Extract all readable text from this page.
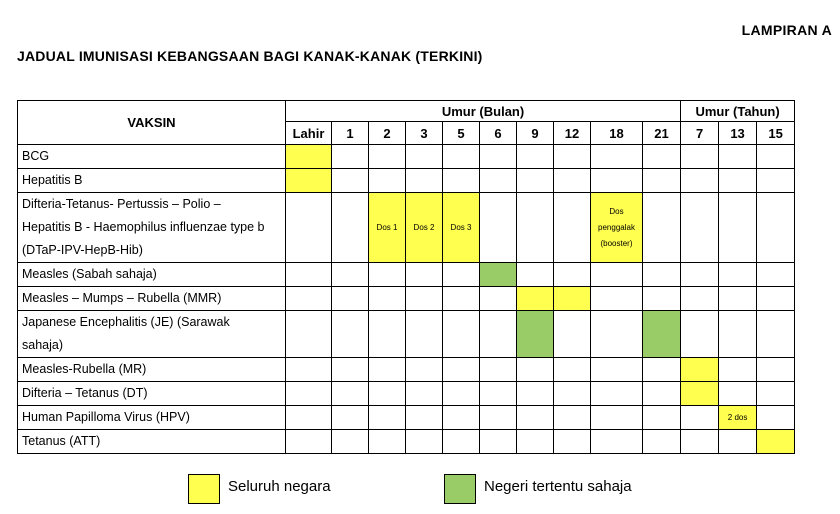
LAMPIRAN A
JADUAL IMUNISASI KEBANGSAAN BAGI KANAK-KANAK (TERKINI)
VAKSIN	Umur (Bulan)										Umur (Tahun)		
	Lahir	1	2	3	5	6	9	12	18	21	7	13	15

BCG													

Hepatitis B													

Difteria-Tetanus- Pertussis – Polio –
Hepatitis B - Haemophilus influenzae type b
(DTaP-IPV-HepB-Hib)			Dos 1	Dos 2	Dos 3				Dos penggalak (booster)				

Measles (Sabah sahaja)													

Measles – Mumps – Rubella (MMR)													

Japanese Encephalitis (JE) (Sarawak
sahaja)													

Measles-Rubella (MR)													

Difteria – Tetanus (DT)													

Human Papilloma Virus (HPV)												2 dos	

Tetanus (ATT)													

Seluruh negara	Negeri tertentu sahaja
